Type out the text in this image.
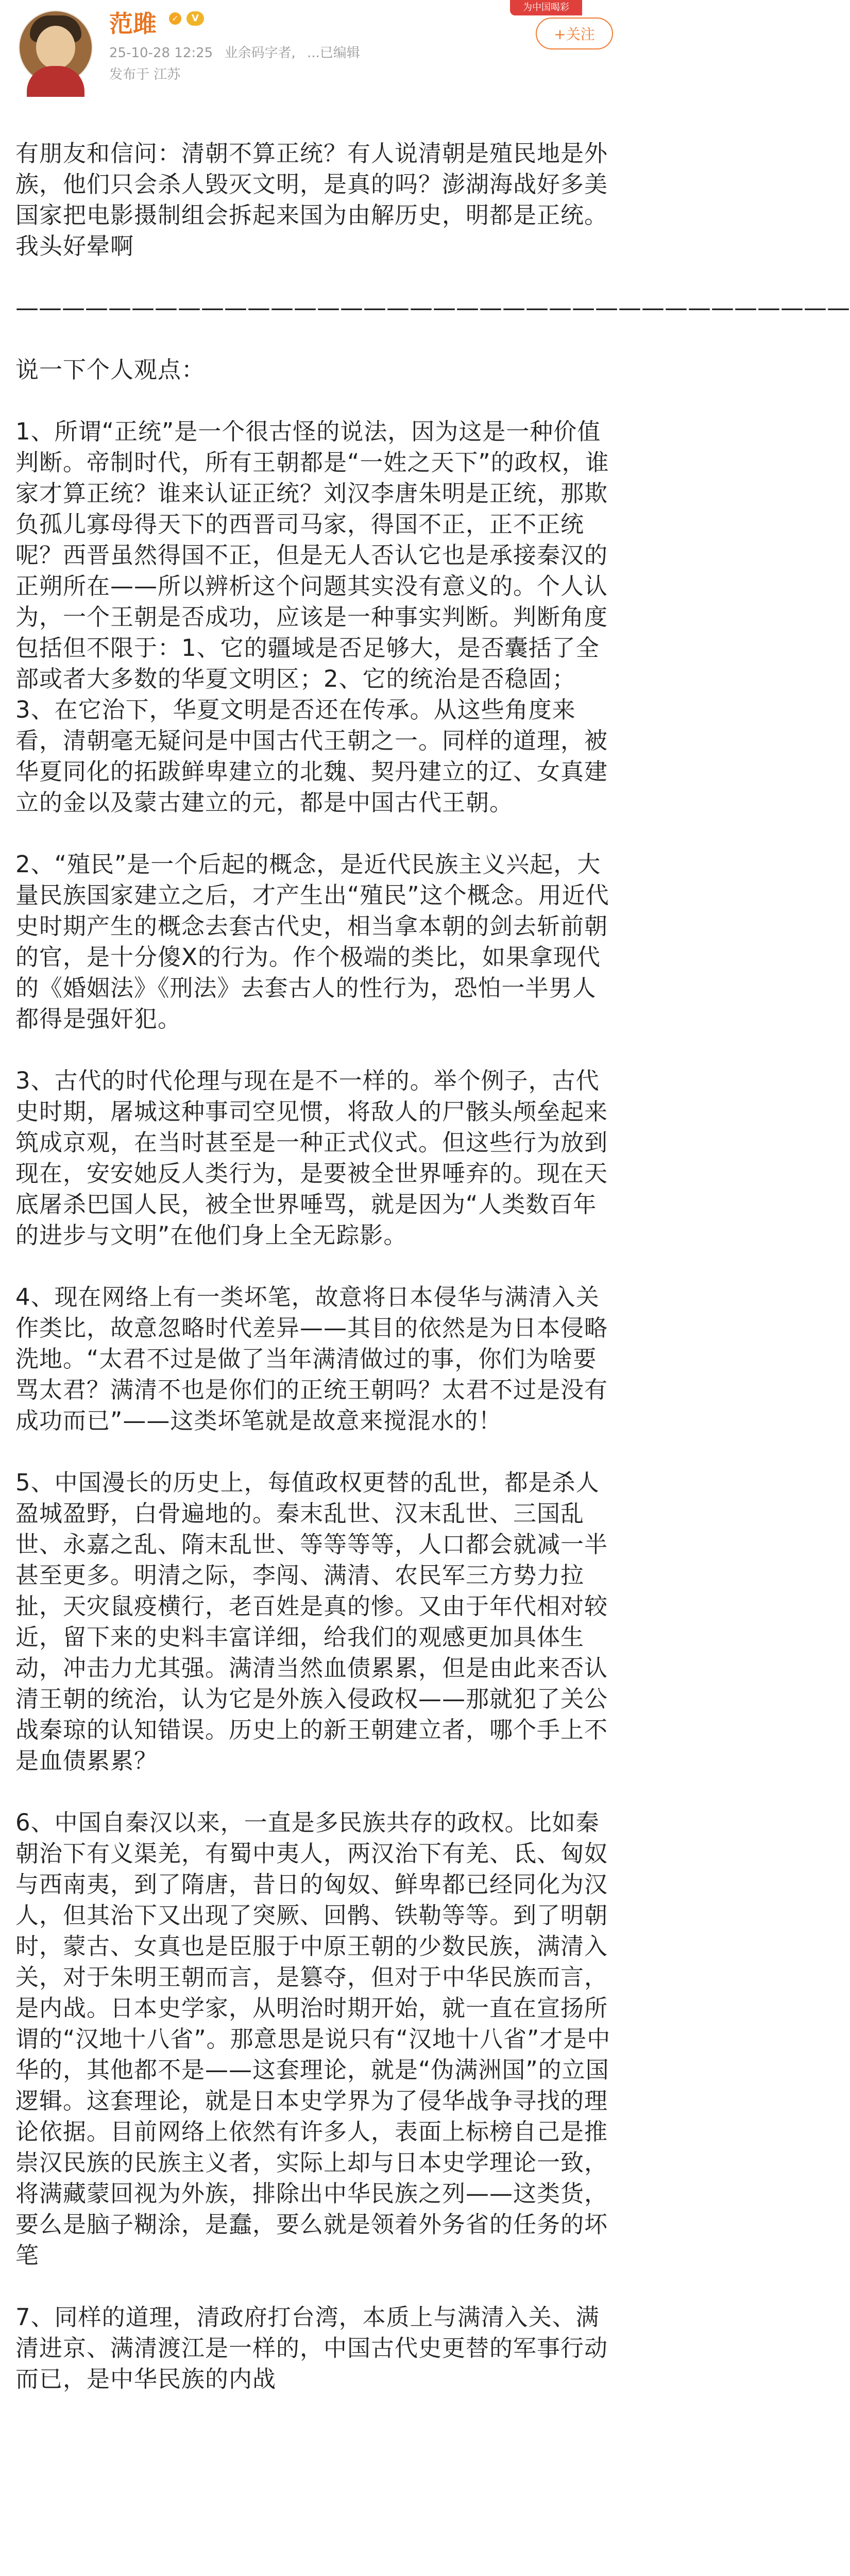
为中国喝彩
范雎	✓	V
25-10-28 12:25 业余码字者, ...已编辑
发布于 江苏
+关注

有朋友和信问：清朝不算正统？有人说清朝是殖民地是外族，他们只会杀人毁灭文明，是真的吗？澎湖海战好多美国家把电影摄制组会拆起来国为由解历史，明都是正统。我头好晕啊

————————————————————————————————————

说一下个人观点：

1、所谓“正统”是一个很古怪的说法，因为这是一种价值判断。帝制时代，所有王朝都是“一姓之天下”的政权，谁家才算正统？谁来认证正统？刘汉李唐朱明是正统，那欺负孤儿寡母得天下的西晋司马家，得国不正，正不正统呢？西晋虽然得国不正，但是无人否认它也是承接秦汉的正朔所在——所以辨析这个问题其实没有意义的。个人认为，一个王朝是否成功，应该是一种事实判断。判断角度包括但不限于：1、它的疆域是否足够大，是否囊括了全部或者大多数的华夏文明区；2、它的统治是否稳固；3、在它治下，华夏文明是否还在传承。从这些角度来看，清朝毫无疑问是中国古代王朝之一。同样的道理，被华夏同化的拓跋鲜卑建立的北魏、契丹建立的辽、女真建立的金以及蒙古建立的元，都是中国古代王朝。

2、“殖民”是一个后起的概念，是近代民族主义兴起，大量民族国家建立之后，才产生出“殖民”这个概念。用近代史时期产生的概念去套古代史，相当拿本朝的剑去斩前朝的官，是十分傻X的行为。作个极端的类比，如果拿现代的《婚姻法》《刑法》去套古人的性行为，恐怕一半男人都得是强奸犯。

3、古代的时代伦理与现在是不一样的。举个例子，古代史时期，屠城这种事司空见惯，将敌人的尸骸头颅垒起来筑成京观，在当时甚至是一种正式仪式。但这些行为放到现在，安安她反人类行为，是要被全世界唾弃的。现在天底屠杀巴国人民，被全世界唾骂，就是因为“人类数百年的进步与文明”在他们身上全无踪影。

4、现在网络上有一类坏笔，故意将日本侵华与满清入关作类比，故意忽略时代差异——其目的依然是为日本侵略洗地。“太君不过是做了当年满清做过的事，你们为啥要骂太君？满清不也是你们的正统王朝吗？太君不过是没有成功而已”——这类坏笔就是故意来搅混水的！

5、中国漫长的历史上，每值政权更替的乱世，都是杀人盈城盈野，白骨遍地的。秦末乱世、汉末乱世、三国乱世、永嘉之乱、隋末乱世、等等等等，人口都会就减一半甚至更多。明清之际，李闯、满清、农民军三方势力拉扯，天灾鼠疫横行，老百姓是真的惨。又由于年代相对较近，留下来的史料丰富详细，给我们的观感更加具体生动，冲击力尤其强。满清当然血债累累，但是由此来否认清王朝的统治，认为它是外族入侵政权——那就犯了关公战秦琼的认知错误。历史上的新王朝建立者，哪个手上不是血债累累？

6、中国自秦汉以来，一直是多民族共存的政权。比如秦朝治下有义渠羌，有蜀中夷人，两汉治下有羌、氐、匈奴与西南夷，到了隋唐，昔日的匈奴、鲜卑都已经同化为汉人，但其治下又出现了突厥、回鹘、铁勒等等。到了明朝时，蒙古、女真也是臣服于中原王朝的少数民族，满清入关，对于朱明王朝而言，是篡夺，但对于中华民族而言，是内战。日本史学家，从明治时期开始，就一直在宣扬所谓的“汉地十八省”。那意思是说只有“汉地十八省”才是中华的，其他都不是——这套理论，就是“伪满洲国”的立国逻辑。这套理论，就是日本史学界为了侵华战争寻找的理论依据。目前网络上依然有许多人，表面上标榜自己是推崇汉民族的民族主义者，实际上却与日本史学理论一致，将满藏蒙回视为外族，排除出中华民族之列——这类货，要么是脑子糊涂，是蠢，要么就是领着外务省的任务的坏笔

7、同样的道理，清政府打台湾，本质上与满清入关、满清进京、满清渡江是一样的，中国古代史更替的军事行动而已，是中华民族的内战
